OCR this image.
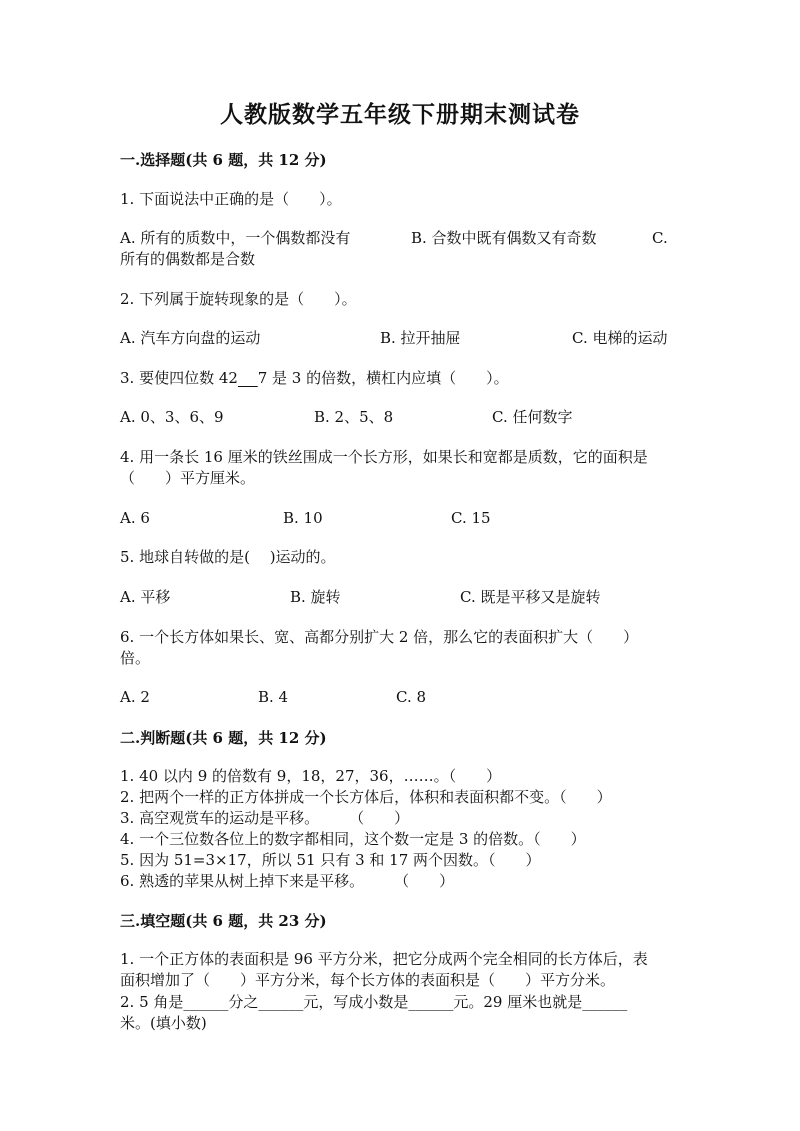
人教版数学五年级下册期末测试卷
一.选择题(共 6 题，共 12 分)
1. 下面说法中正确的是（　　）。
A. 所有的质数中，一个偶数都没有	B. 合数中既有偶数又有奇数	C.
所有的偶数都是合数
2. 下列属于旋转现象的是（　　）。
A. 汽车方向盘的运动	B. 拉开抽屉	C. 电梯的运动
3. 要使四位数 42　 7 是 3 的倍数，横杠内应填（　　）。
A. 0、3、6、9	B. 2、5、8	C. 任何数字
4. 用一条长 16 厘米的铁丝围成一个长方形，如果长和宽都是质数，它的面积是
（　　）平方厘米。
A. 6	B. 10	C. 15
5. 地球自转做的是(　 )运动的。
A. 平移	B. 旋转	C. 既是平移又是旋转
6. 一个长方体如果长、宽、高都分别扩大 2 倍，那么它的表面积扩大（　　）
倍。
A. 2	B. 4	C. 8
二.判断题(共 6 题，共 12 分)
1. 40 以内 9 的倍数有 9，18，27，36，……。（　　）
2. 把两个一样的正方体拼成一个长方体后，体积和表面积都不变。（　　）
3. 高空观赏车的运动是平移。　　　（　　）
4. 一个三位数各位上的数字都相同，这个数一定是 3 的倍数。（　　）
5. 因为 51=3×17，所以 51 只有 3 和 17 两个因数。（　　）
6. 熟透的苹果从树上掉下来是平移。　　　（　　）
三.填空题(共 6 题，共 23 分)
1. 一个正方体的表面积是 96 平方分米，把它分成两个完全相同的长方体后，表
面积增加了（　　）平方分米，每个长方体的表面积是（　　）平方分米。
2. 5 角是______分之______元，写成小数是______元。29 厘米也就是______
米。(填小数)
